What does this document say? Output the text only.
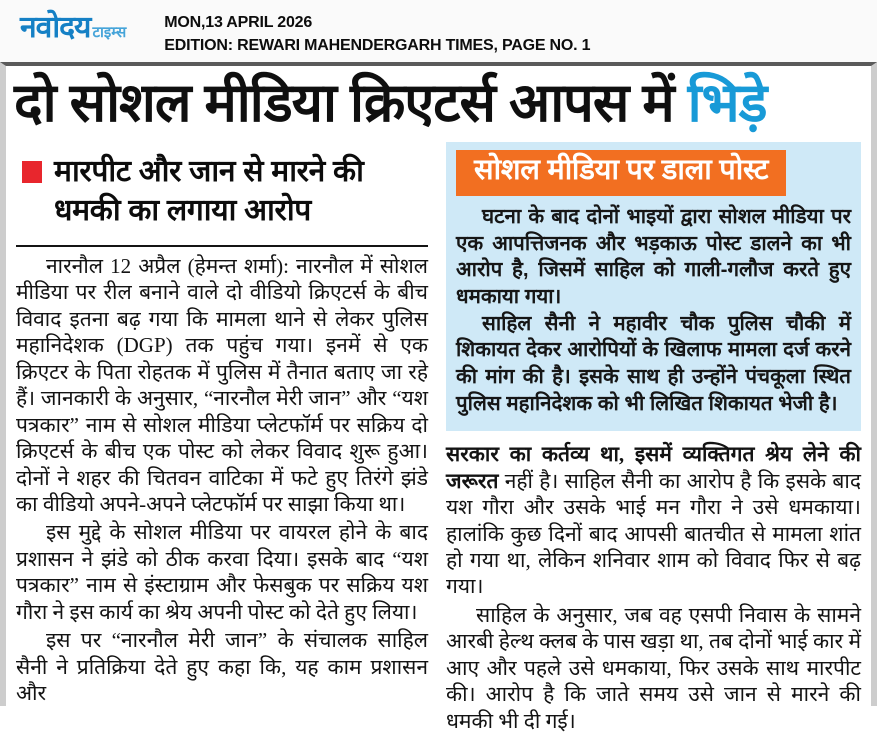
नवोदय टाइम्स
MON,13 APRIL 2026
EDITION: REWARI MAHENDERGARH TIMES, PAGE NO. 1
दो सोशल मीडिया क्रिएटर्स आपस में भिड़े
मारपीट और जान से मारने की
धमकी का लगाया आरोप

नारनौल 12 अप्रैल (हेमन्त शर्मा): नारनौल में सोशल मीडिया पर रील बनाने वाले दो वीडियो क्रिएटर्स के बीच विवाद इतना बढ़ गया कि मामला थाने से लेकर पुलिस महानिदेशक (DGP) तक पहुंच गया। इनमें से एक क्रिएटर के पिता रोहतक में पुलिस में तैनात बताए जा रहे हैं। जानकारी के अनुसार, “नारनौल मेरी जान” और “यश पत्रकार” नाम से सोशल मीडिया प्लेटफॉर्म पर सक्रिय दो क्रिएटर्स के बीच एक पोस्ट को लेकर विवाद शुरू हुआ। दोनों ने शहर की चितवन वाटिका में फटे हुए तिरंगे झंडे का वीडियो अपने-अपने प्लेटफॉर्म पर साझा किया था।

इस मुद्दे के सोशल मीडिया पर वायरल होने के बाद प्रशासन ने झंडे को ठीक करवा दिया। इसके बाद “यश पत्रकार” नाम से इंस्टाग्राम और फेसबुक पर सक्रिय यश गौरा ने इस कार्य का श्रेय अपनी पोस्ट को देते हुए लिया।

इस पर “नारनौल मेरी जान” के संचालक साहिल सैनी ने प्रतिक्रिया देते हुए कहा कि, यह काम प्रशासन और

सोशल मीडिया पर डाला पोस्ट

घटना के बाद दोनों भाइयों द्वारा सोशल मीडिया पर एक आपत्तिजनक और भड़काऊ पोस्ट डालने का भी आरोप है, जिसमें साहिल को गाली-गलौज करते हुए धमकाया गया।

साहिल सैनी ने महावीर चौक पुलिस चौकी में शिकायत देकर आरोपियों के खिलाफ मामला दर्ज करने की मांग की है। इसके साथ ही उन्होंने पंचकूला स्थित पुलिस महानिदेशक को भी लिखित शिकायत भेजी है।

सरकार का कर्तव्य था, इसमें व्यक्तिगत श्रेय लेने की जरूरत नहीं है। साहिल सैनी का आरोप है कि इसके बाद यश गौरा और उसके भाई मन गौरा ने उसे धमकाया। हालांकि कुछ दिनों बाद आपसी बातचीत से मामला शांत हो गया था, लेकिन शनिवार शाम को विवाद फिर से बढ़ गया।

साहिल के अनुसार, जब वह एसपी निवास के सामने आरबी हेल्थ क्लब के पास खड़ा था, तब दोनों भाई कार में आए और पहले उसे धमकाया, फिर उसके साथ मारपीट की। आरोप है कि जाते समय उसे जान से मारने की धमकी भी दी गई।
